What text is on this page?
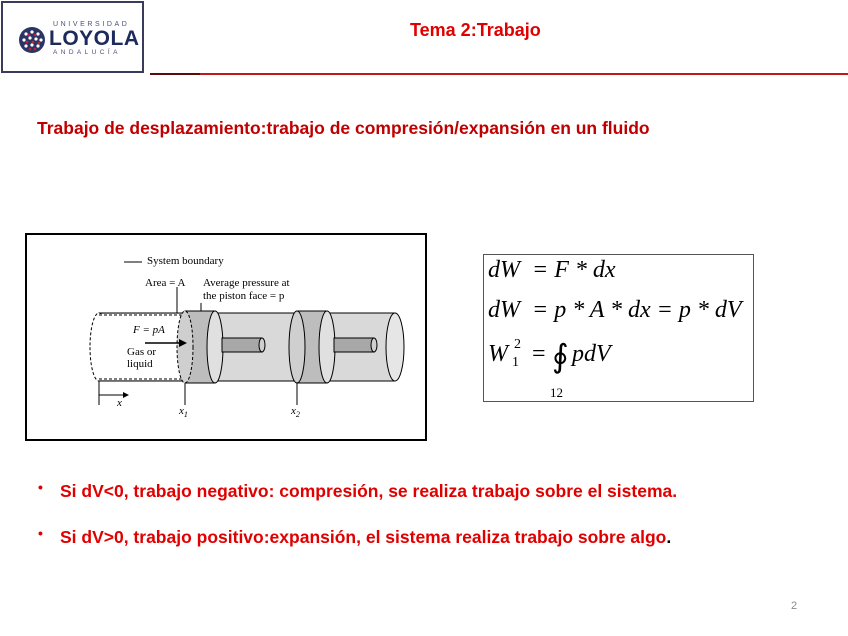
UNIVERSIDAD
LOYOLA
ANDALUCÍA
Tema 2:Trabajo
Trabajo de desplazamiento:trabajo de compresión/expansión en un fluido
System boundary
Area = A Average pressure at
the piston face = p
F = pA
Gas or
liquid
x
$x_1$	$x_2$
dW  = F * dx
dW  = p * A * dx = p * dV
W 2
1 = ∮ pdV
12
• Si dV<0, trabajo negativo: compresión, se realiza trabajo sobre el sistema.
• Si dV>0, trabajo positivo:expansión, el sistema realiza trabajo sobre algo.
2
